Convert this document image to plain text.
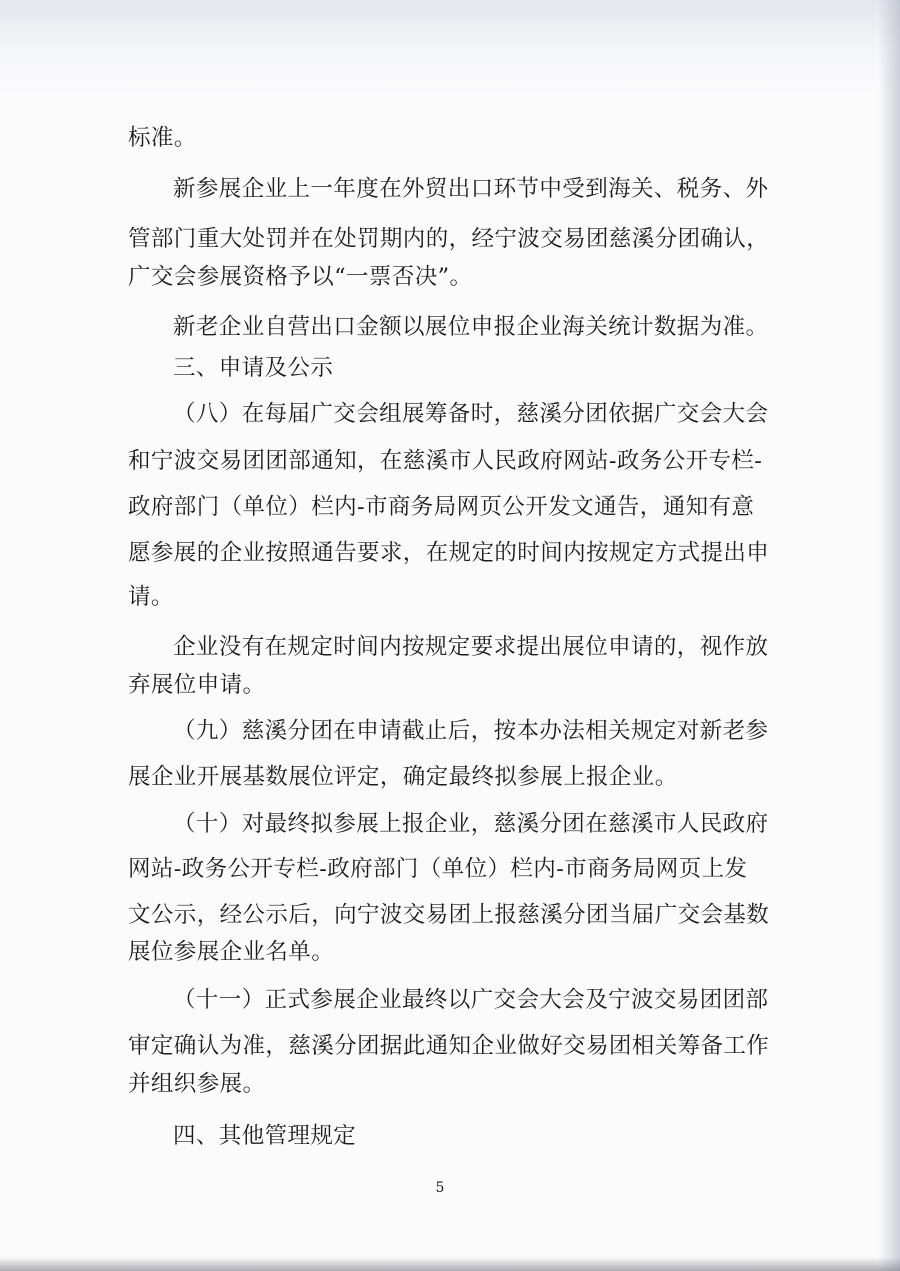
标准。
新参展企业上一年度在外贸出口环节中受到海关、税务、外
管部门重大处罚并在处罚期内的，经宁波交易团慈溪分团确认，
广交会参展资格予以“一票否决”。
新老企业自营出口金额以展位申报企业海关统计数据为准。
三、申请及公示
（八）在每届广交会组展筹备时，慈溪分团依据广交会大会
和宁波交易团团部通知，在慈溪市人民政府网站-政务公开专栏-
政府部门（单位）栏内-市商务局网页公开发文通告，通知有意
愿参展的企业按照通告要求，在规定的时间内按规定方式提出申
请。
企业没有在规定时间内按规定要求提出展位申请的，视作放
弃展位申请。
（九）慈溪分团在申请截止后，按本办法相关规定对新老参
展企业开展基数展位评定，确定最终拟参展上报企业。
（十）对最终拟参展上报企业，慈溪分团在慈溪市人民政府
网站-政务公开专栏-政府部门（单位）栏内-市商务局网页上发
文公示，经公示后，向宁波交易团上报慈溪分团当届广交会基数
展位参展企业名单。
（十一）正式参展企业最终以广交会大会及宁波交易团团部
审定确认为准，慈溪分团据此通知企业做好交易团相关筹备工作
并组织参展。
四、其他管理规定
5
